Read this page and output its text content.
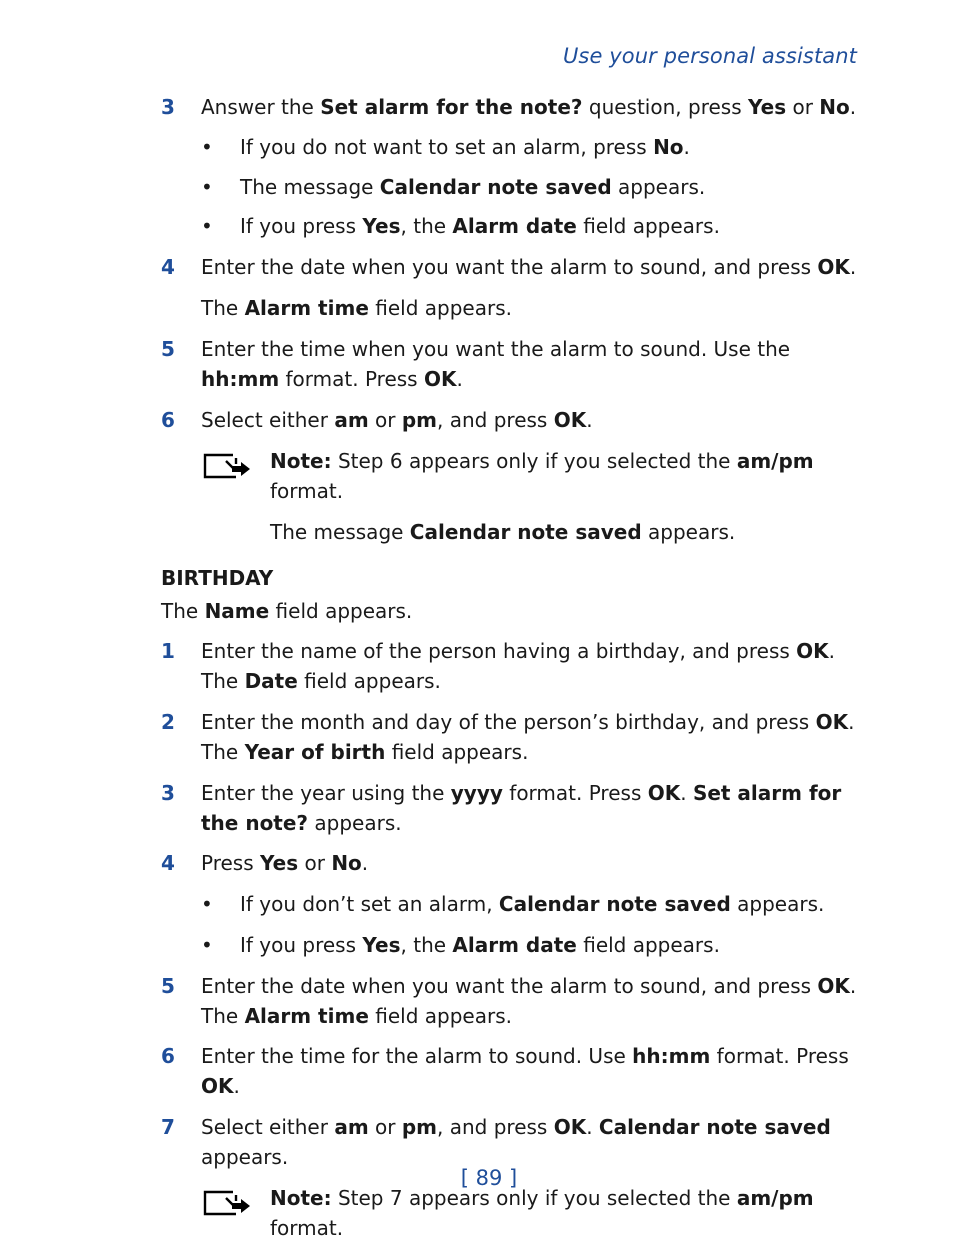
Use your personal assistant
3	Answer the Set alarm for the note? question, press Yes or No.
• If you do not want to set an alarm, press No.
• The message Calendar note saved appears.
• If you press Yes, the Alarm date field appears.
4	Enter the date when you want the alarm to sound, and press OK.
The Alarm time field appears.
5	Enter the time when you want the alarm to sound. Use the hh:mm format. Press OK.
6	Select either am or pm, and press OK.
Note: Step 6 appears only if you selected the am/pm format.
The message Calendar note saved appears.
BIRTHDAY
The Name field appears.
1	Enter the name of the person having a birthday, and press OK.
The Date field appears.
2	Enter the month and day of the person’s birthday, and press OK.
The Year of birth field appears.
3	Enter the year using the yyyy format. Press OK. Set alarm for the note? appears.
4	Press Yes or No.
• If you don’t set an alarm, Calendar note saved appears.
• If you press Yes, the Alarm date field appears.
5	Enter the date when you want the alarm to sound, and press OK.
The Alarm time field appears.
6	Enter the time for the alarm to sound. Use hh:mm format. Press OK.
7	Select either am or pm, and press OK. Calendar note saved appears.
Note: Step 7 appears only if you selected the am/pm format.
[ 89 ]
